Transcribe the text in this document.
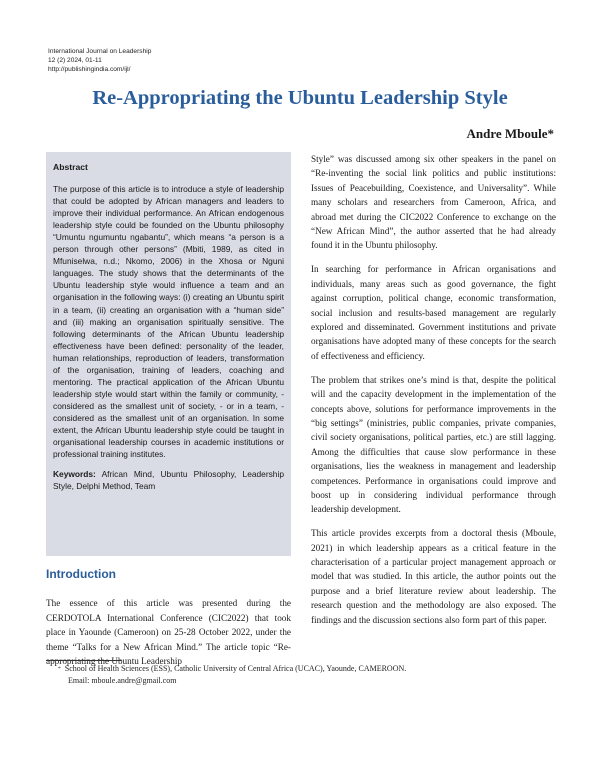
International Journal on Leadership
12 (2) 2024, 01-11
http://publishingindia.com/ijl/
Re-Appropriating the Ubuntu Leadership Style
Andre Mboule*
Abstract

The purpose of this article is to introduce a style of leadership that could be adopted by African managers and leaders to improve their individual performance. An African endogenous leadership style could be founded on the Ubuntu philosophy “Umuntu ngumuntu ngabantu”, which means “a person is a person through other persons” (Mbiti, 1989, as cited in Mfuniselwa, n.d.; Nkomo, 2006) in the Xhosa or Nguni languages. The study shows that the determinants of the Ubuntu leadership style would influence a team and an organisation in the following ways: (i) creating an Ubuntu spirit in a team, (ii) creating an organisation with a “human side” and (iii) making an organisation spiritually sensitive. The following determinants of the African Ubuntu leadership effectiveness have been defined: personality of the leader, human relationships, reproduction of leaders, transformation of the organisation, training of leaders, coaching and mentoring. The practical application of the African Ubuntu leadership style would start within the family or community, - considered as the smallest unit of society, - or in a team, - considered as the smallest unit of an organisation. In some extent, the African Ubuntu leadership style could be taught in organisational leadership courses in academic institutions or professional training institutes.

Keywords: African Mind, Ubuntu Philosophy, Leadership Style, Delphi Method, Team
Introduction

The essence of this article was presented during the CERDOTOLA International Conference (CIC2022) that took place in Yaounde (Cameroon) on 25-28 October 2022, under the theme “Talks for a New African Mind.” The article topic “Re-appropriating the Ubuntu Leadership

Style” was discussed among six other speakers in the panel on “Re-inventing the social link politics and public institutions: Issues of Peacebuilding, Coexistence, and Universality”. While many scholars and researchers from Cameroon, Africa, and abroad met during the CIC2022 Conference to exchange on the “New African Mind”, the author asserted that he had already found it in the Ubuntu philosophy.

In searching for performance in African organisations and individuals, many areas such as good governance, the fight against corruption, political change, economic transformation, social inclusion and results-based management are regularly explored and disseminated. Government institutions and private organisations have adopted many of these concepts for the search of effectiveness and efficiency.

The problem that strikes one’s mind is that, despite the political will and the capacity development in the implementation of the concepts above, solutions for performance improvements in the “big settings” (ministries, public companies, private companies, civil society organisations, political parties, etc.) are still lagging. Among the difficulties that cause slow performance in these organisations, lies the weakness in management and leadership competences. Performance in organisations could improve and boost up in considering individual performance through leadership development.

This article provides excerpts from a doctoral thesis (Mboule, 2021) in which leadership appears as a critical feature in the characterisation of a particular project management approach or model that was studied. In this article, the author points out the purpose and a brief literature review about leadership. The research question and the methodology are also exposed. The findings and the discussion sections also form part of this paper.

* School of Health Sciences (ESS), Catholic University of Central Africa (UCAC), Yaounde, CAMEROON.
Email: mboule.andre@gmail.com
